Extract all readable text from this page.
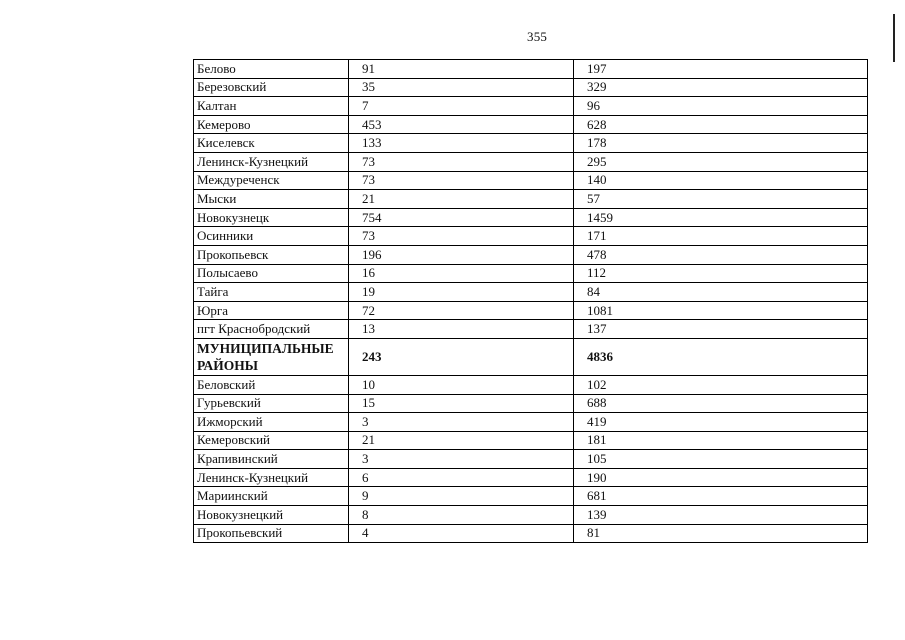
355
Белово	91	197
Березовский	35	329
Калтан	7	96
Кемерово	453	628
Киселевск	133	178
Ленинск-Кузнецкий	73	295
Междуреченск	73	140
Мыски	21	57
Новокузнецк	754	1459
Осинники	73	171
Прокопьевск	196	478
Полысаево	16	112
Тайга	19	84
Юрга	72	1081
пгт Краснобродский	13	137
МУНИЦИПАЛЬНЫЕ РАЙОНЫ	243	4836
Беловский	10	102
Гурьевский	15	688
Ижморский	3	419
Кемеровский	21	181
Крапивинский	3	105
Ленинск-Кузнецкий	6	190
Мариинский	9	681
Новокузнецкий	8	139
Прокопьевский	4	81
